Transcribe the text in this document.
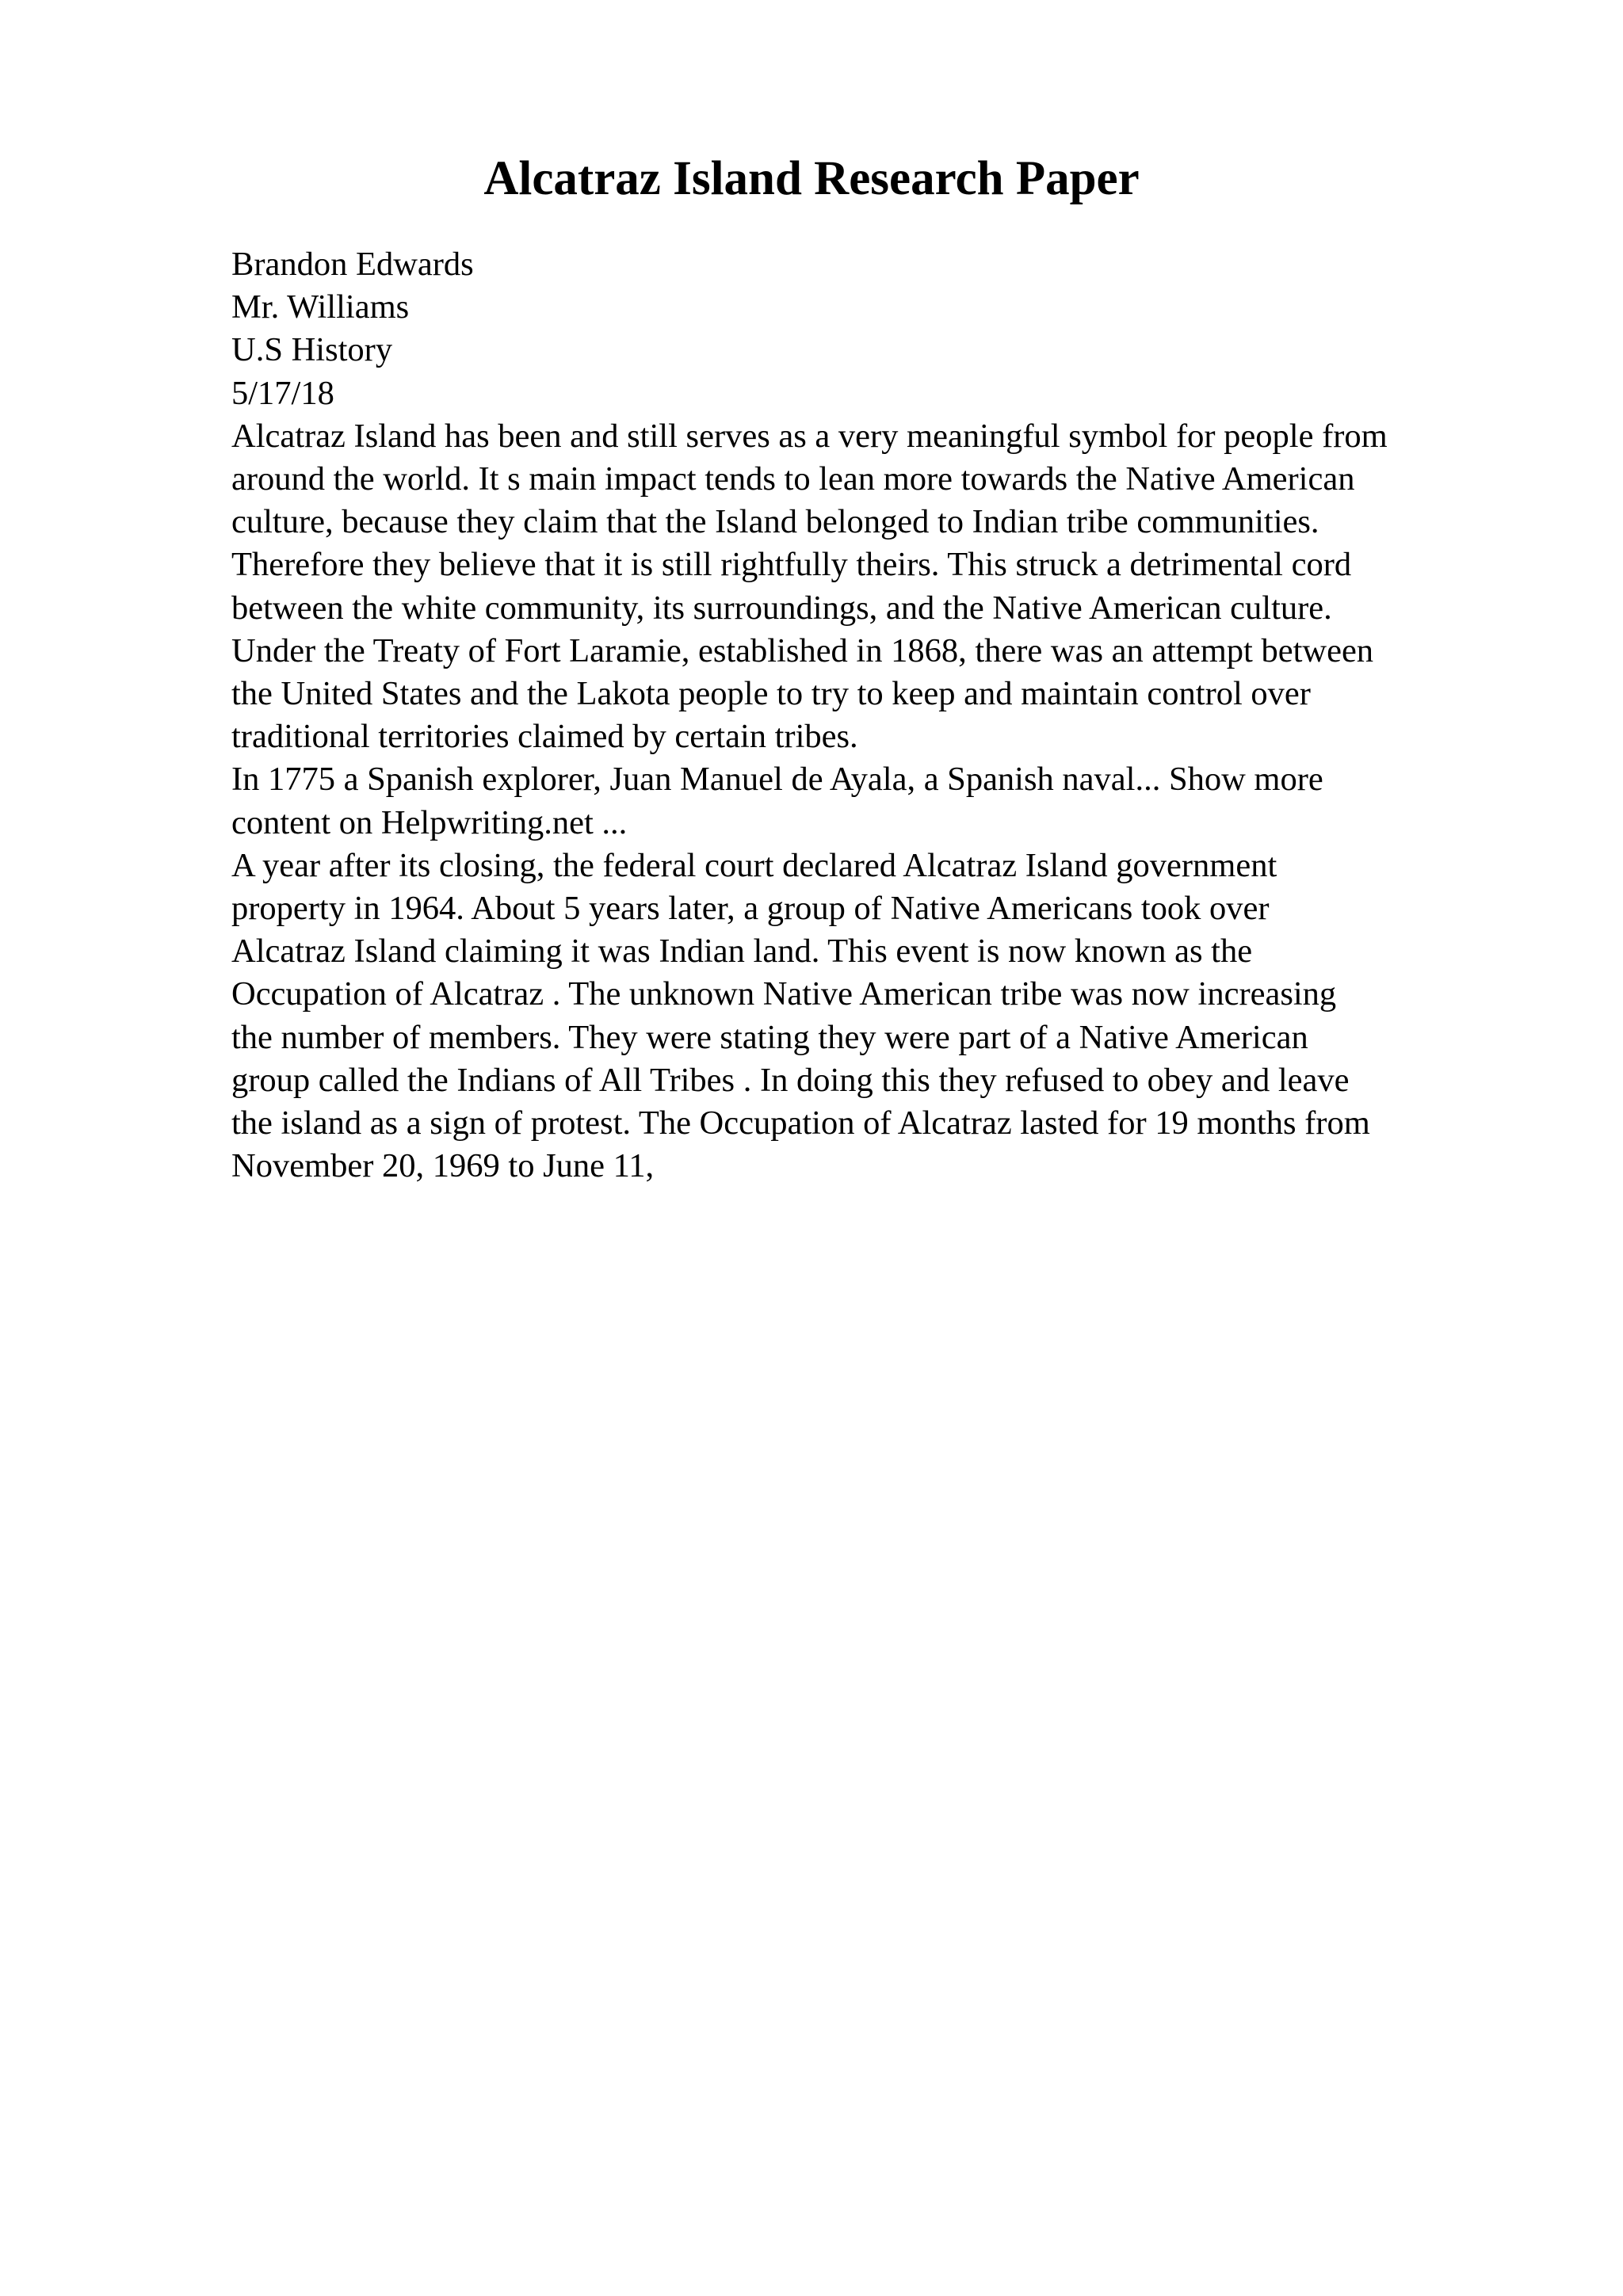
Alcatraz Island Research Paper
Brandon Edwards
Mr. Williams
U.S History
5/17/18
Alcatraz Island has been and still serves as a very meaningful symbol for people from
around the world. It s main impact tends to lean more towards the Native American
culture, because they claim that the Island belonged to Indian tribe communities.
Therefore they believe that it is still rightfully theirs. This struck a detrimental cord
between the white community, its surroundings, and the Native American culture.
Under the Treaty of Fort Laramie, established in 1868, there was an attempt between
the United States and the Lakota people to try to keep and maintain control over
traditional territories claimed by certain tribes.
In 1775 a Spanish explorer, Juan Manuel de Ayala, a Spanish naval... Show more
content on Helpwriting.net ...
A year after its closing, the federal court declared Alcatraz Island government
property in 1964. About 5 years later, a group of Native Americans took over
Alcatraz Island claiming it was Indian land. This event is now known as the
Occupation of Alcatraz . The unknown Native American tribe was now increasing
the number of members. They were stating they were part of a Native American
group called the Indians of All Tribes . In doing this they refused to obey and leave
the island as a sign of protest. The Occupation of Alcatraz lasted for 19 months from
November 20, 1969 to June 11,
